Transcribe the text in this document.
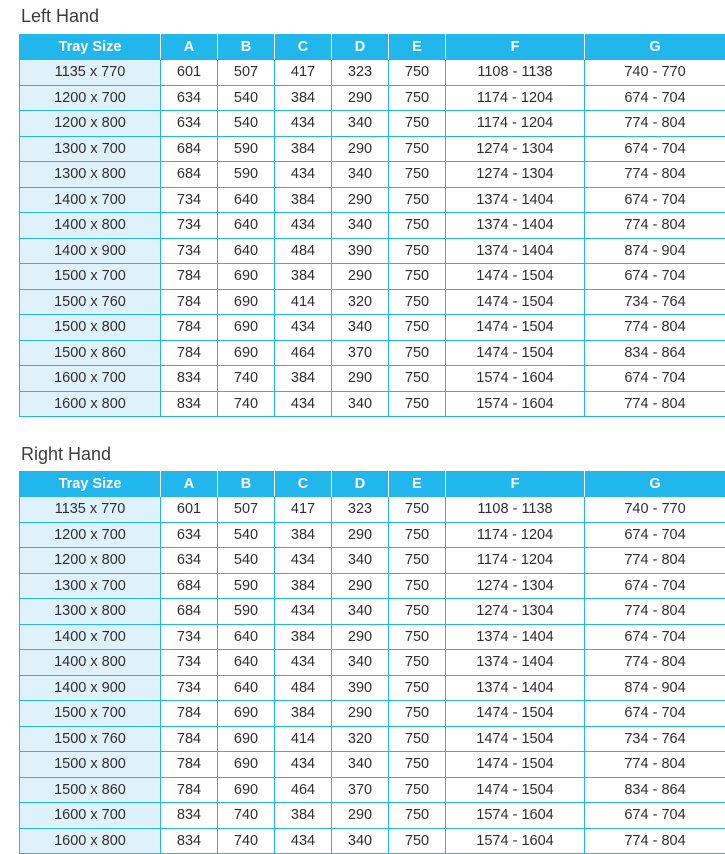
Left Hand
Tray Size	A	B	C	D	E	F	G
1135 x 770	601	507	417	323	750	1108 - 1138	740 - 770
1200 x 700	634	540	384	290	750	1174 - 1204	674 - 704
1200 x 800	634	540	434	340	750	1174 - 1204	774 - 804
1300 x 700	684	590	384	290	750	1274 - 1304	674 - 704
1300 x 800	684	590	434	340	750	1274 - 1304	774 - 804
1400 x 700	734	640	384	290	750	1374 - 1404	674 - 704
1400 x 800	734	640	434	340	750	1374 - 1404	774 - 804
1400 x 900	734	640	484	390	750	1374 - 1404	874 - 904
1500 x 700	784	690	384	290	750	1474 - 1504	674 - 704
1500 x 760	784	690	414	320	750	1474 - 1504	734 - 764
1500 x 800	784	690	434	340	750	1474 - 1504	774 - 804
1500 x 860	784	690	464	370	750	1474 - 1504	834 - 864
1600 x 700	834	740	384	290	750	1574 - 1604	674 - 704
1600 x 800	834	740	434	340	750	1574 - 1604	774 - 804
Right Hand
Tray Size	A	B	C	D	E	F	G
1135 x 770	601	507	417	323	750	1108 - 1138	740 - 770
1200 x 700	634	540	384	290	750	1174 - 1204	674 - 704
1200 x 800	634	540	434	340	750	1174 - 1204	774 - 804
1300 x 700	684	590	384	290	750	1274 - 1304	674 - 704
1300 x 800	684	590	434	340	750	1274 - 1304	774 - 804
1400 x 700	734	640	384	290	750	1374 - 1404	674 - 704
1400 x 800	734	640	434	340	750	1374 - 1404	774 - 804
1400 x 900	734	640	484	390	750	1374 - 1404	874 - 904
1500 x 700	784	690	384	290	750	1474 - 1504	674 - 704
1500 x 760	784	690	414	320	750	1474 - 1504	734 - 764
1500 x 800	784	690	434	340	750	1474 - 1504	774 - 804
1500 x 860	784	690	464	370	750	1474 - 1504	834 - 864
1600 x 700	834	740	384	290	750	1574 - 1604	674 - 704
1600 x 800	834	740	434	340	750	1574 - 1604	774 - 804
